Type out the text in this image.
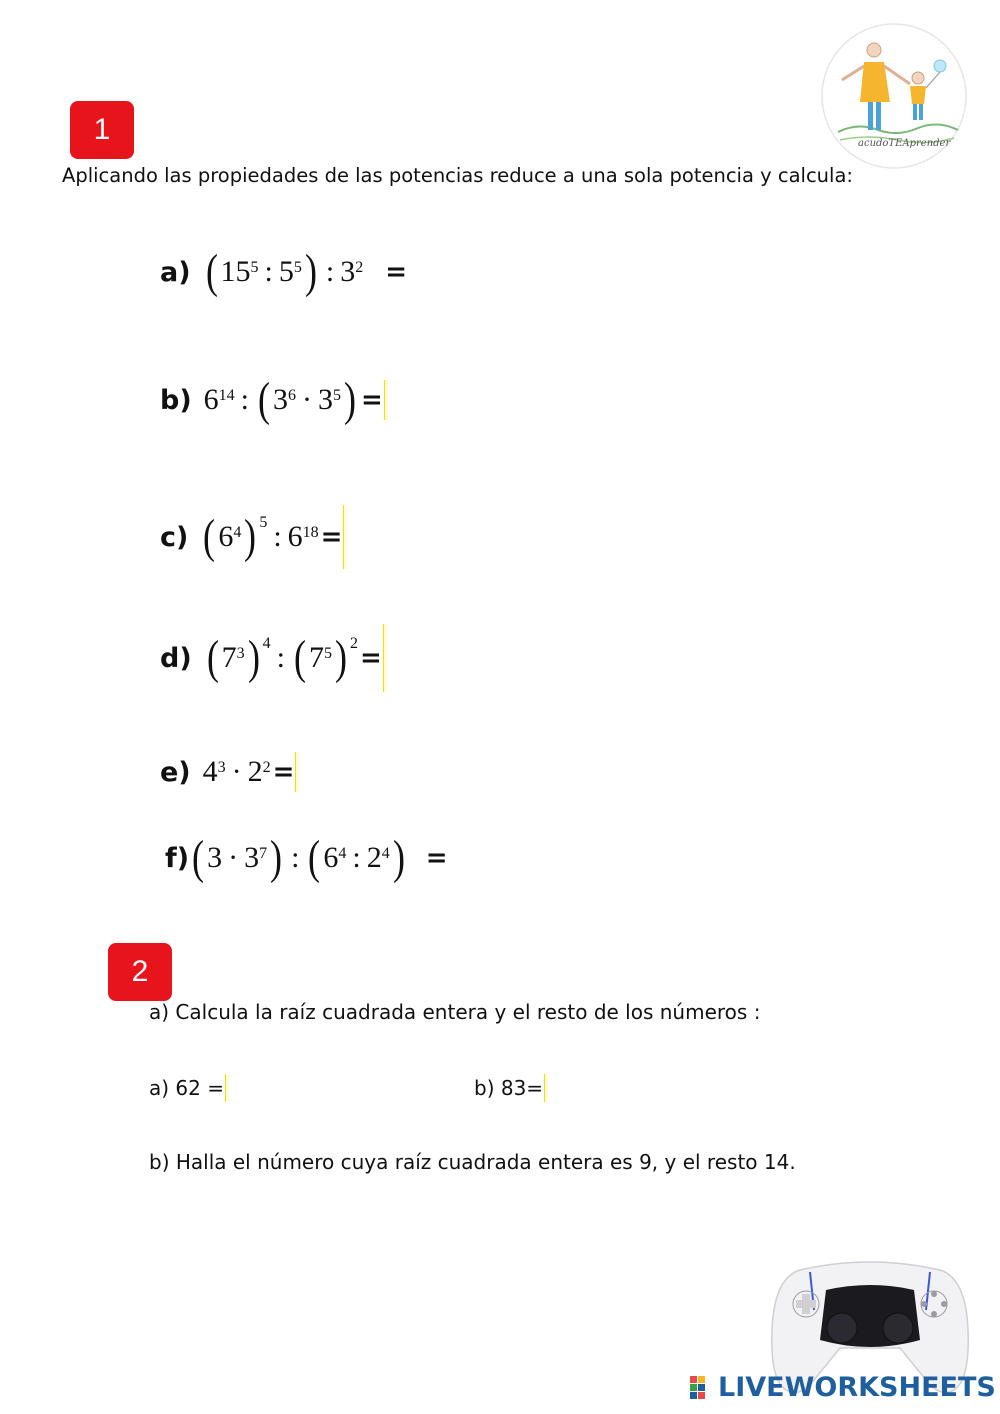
acudoTEAprender
1
Aplicando las propiedades de las potencias reduce a una sola potencia y calcula:
a) ( $15^5$ : $5^5$ ) : $3^2$ =
b) $6^{14}$ : ( $3^6 \cdot 3^5$ ) =
c) ( $6^4$ )$^5$ : $6^{18}$ =
d) ( $7^3$ )$^4$ : ( $7^5$ )$^2$ =
e) $4^3 \cdot 2^2$ =
f) ( $3 \cdot 3^7$ ) : ( $6^4$ : $2^4$ ) =
2
a) Calcula la raíz cuadrada entera y el resto de los números :
a) 62 =	b) 83=
b) Halla el número cuya raíz cuadrada entera es 9, y el resto 14.
LIVEWORKSHEETS
